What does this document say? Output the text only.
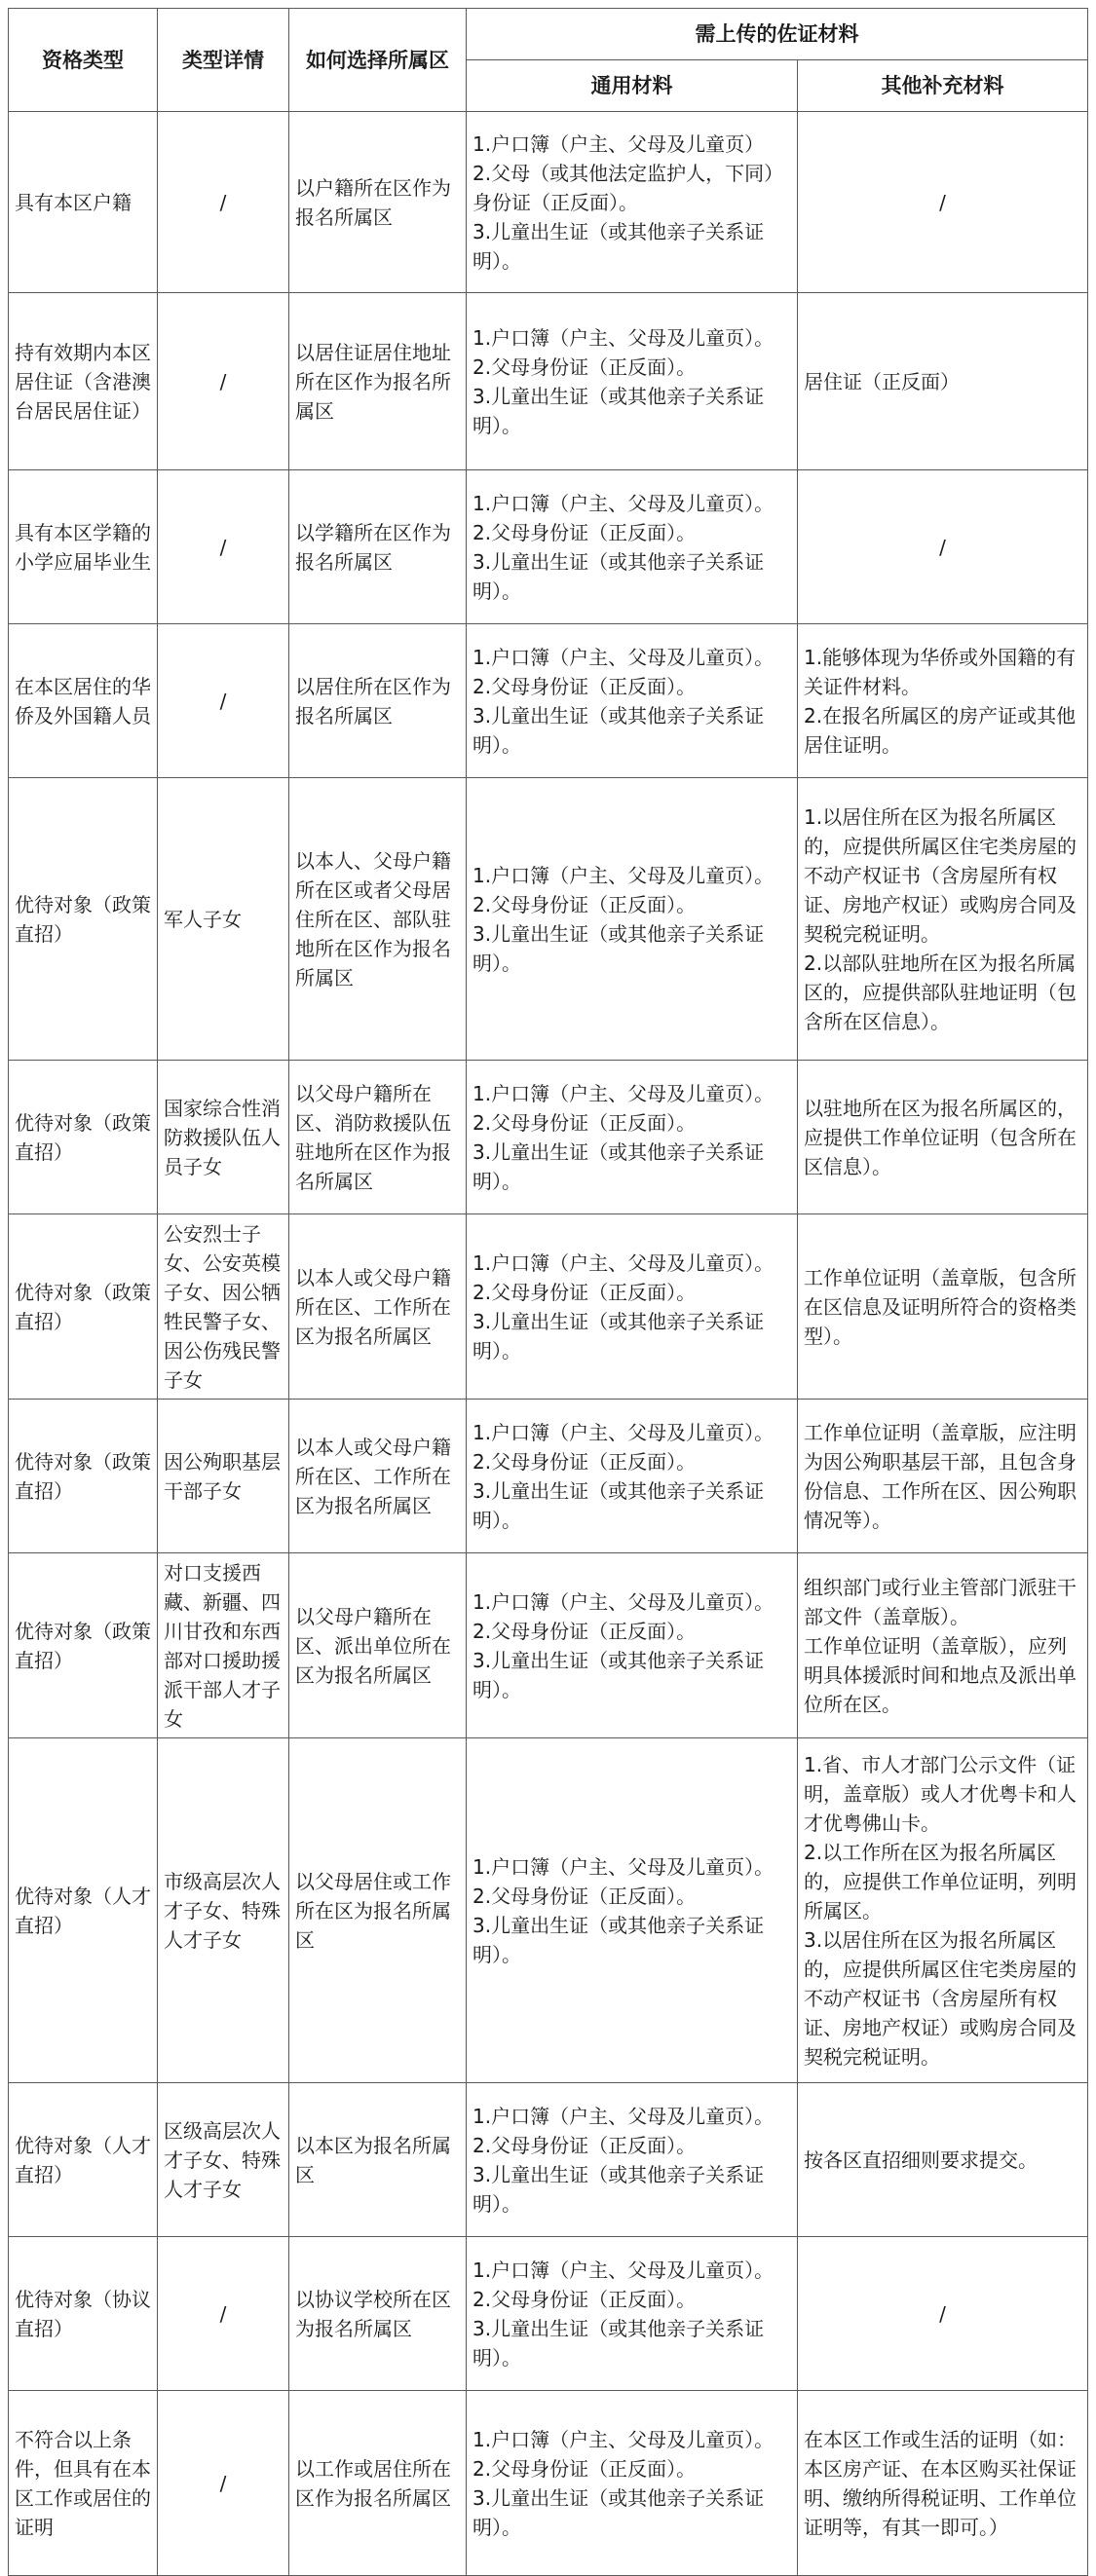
资格类型	类型详情	如何选择所属区	需上传的佐证材料	
			通用材料	其他补充材料
具有本区户籍	/	以户籍所在区作为报名所属区	1.户口簿（户主、父母及儿童页）
2.父母（或其他法定监护人，下同）身份证（正反面）。
3.儿童出生证（或其他亲子关系证明）。	/

持有效期内本区居住证（含港澳台居民居住证）	/	以居住证居住地址所在区作为报名所属区	1.户口簿（户主、父母及儿童页）。
2.父母身份证（正反面）。
3.儿童出生证（或其他亲子关系证明）。	居住证（正反面）

具有本区学籍的小学应届毕业生	/	以学籍所在区作为报名所属区	1.户口簿（户主、父母及儿童页）。
2.父母身份证（正反面）。
3.儿童出生证（或其他亲子关系证明）。	/

在本区居住的华侨及外国籍人员	/	以居住所在区作为报名所属区	1.户口簿（户主、父母及儿童页）。
2.父母身份证（正反面）。
3.儿童出生证（或其他亲子关系证明）。	1.能够体现为华侨或外国籍的有关证件材料。
2.在报名所属区的房产证或其他居住证明。

优待对象（政策直招）	军人子女	以本人、父母户籍所在区或者父母居住所在区、部队驻地所在区作为报名所属区	1.户口簿（户主、父母及儿童页）。
2.父母身份证（正反面）。
3.儿童出生证（或其他亲子关系证明）。	1.以居住所在区为报名所属区的，应提供所属区住宅类房屋的不动产权证书（含房屋所有权证、房地产权证）或购房合同及契税完税证明。
2.以部队驻地所在区为报名所属区的，应提供部队驻地证明（包含所在区信息）。

优待对象（政策直招）	国家综合性消防救援队伍人员子女	以父母户籍所在区、消防救援队伍驻地所在区作为报名所属区	1.户口簿（户主、父母及儿童页）。
2.父母身份证（正反面）。
3.儿童出生证（或其他亲子关系证明）。	以驻地所在区为报名所属区的，应提供工作单位证明（包含所在区信息）。

优待对象（政策直招）	公安烈士子女、公安英模子女、因公牺牲民警子女、因公伤残民警子女	以本人或父母户籍所在区、工作所在区为报名所属区	1.户口簿（户主、父母及儿童页）。
2.父母身份证（正反面）。
3.儿童出生证（或其他亲子关系证明）。	工作单位证明（盖章版，包含所在区信息及证明所符合的资格类型）。

优待对象（政策直招）	因公殉职基层干部子女	以本人或父母户籍所在区、工作所在区为报名所属区	1.户口簿（户主、父母及儿童页）。
2.父母身份证（正反面）。
3.儿童出生证（或其他亲子关系证明）。	工作单位证明（盖章版，应注明为因公殉职基层干部，且包含身份信息、工作所在区、因公殉职情况等）。

优待对象（政策直招）	对口支援西藏、新疆、四川甘孜和东西部对口援助援派干部人才子女	以父母户籍所在区、派出单位所在区为报名所属区	1.户口簿（户主、父母及儿童页）。
2.父母身份证（正反面）。
3.儿童出生证（或其他亲子关系证明）。	组织部门或行业主管部门派驻干部文件（盖章版）。
工作单位证明（盖章版），应列明具体援派时间和地点及派出单位所在区。

优待对象（人才直招）	市级高层次人才子女、特殊人才子女	以父母居住或工作所在区为报名所属区	1.户口簿（户主、父母及儿童页）。
2.父母身份证（正反面）。
3.儿童出生证（或其他亲子关系证明）。	1.省、市人才部门公示文件（证明，盖章版）或人才优粤卡和人才优粤佛山卡。
2.以工作所在区为报名所属区的，应提供工作单位证明，列明所属区。
3.以居住所在区为报名所属区的，应提供所属区住宅类房屋的不动产权证书（含房屋所有权证、房地产权证）或购房合同及契税完税证明。

优待对象（人才直招）	区级高层次人才子女、特殊人才子女	以本区为报名所属区	1.户口簿（户主、父母及儿童页）。
2.父母身份证（正反面）。
3.儿童出生证（或其他亲子关系证明）。	按各区直招细则要求提交。

优待对象（协议直招）	/	以协议学校所在区为报名所属区	1.户口簿（户主、父母及儿童页）。
2.父母身份证（正反面）。
3.儿童出生证（或其他亲子关系证明）。	/

不符合以上条件，但具有在本区工作或居住的证明	/	以工作或居住所在区作为报名所属区	1.户口簿（户主、父母及儿童页）。
2.父母身份证（正反面）。
3.儿童出生证（或其他亲子关系证明）。	在本区工作或生活的证明（如：本区房产证、在本区购买社保证明、缴纳所得税证明、工作单位证明等，有其一即可。）
